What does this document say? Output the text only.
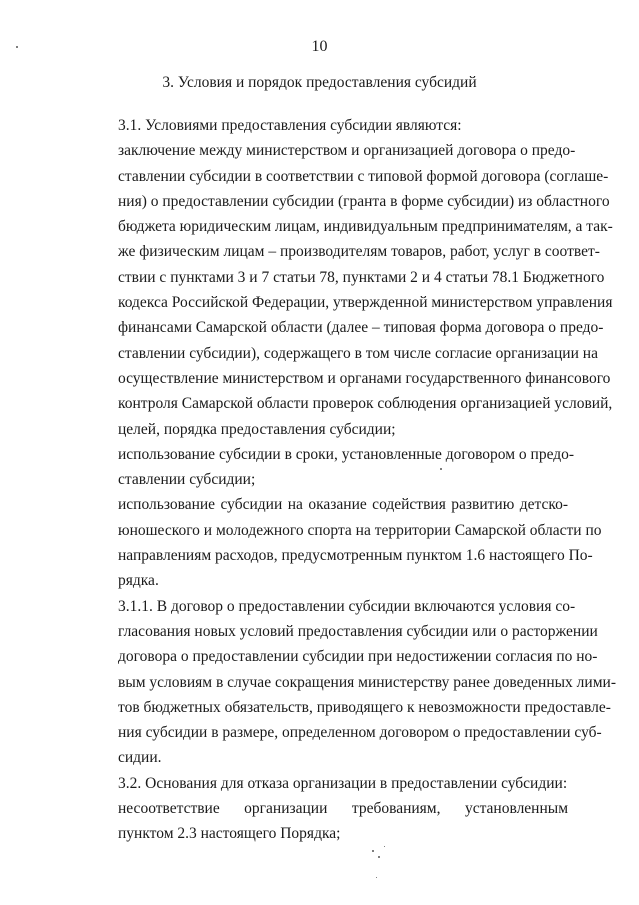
10
3. Условия и порядок предоставления субсидий
3.1. Условиями предоставления субсидии являются:
заключение между министерством и организацией договора о предо-
ставлении субсидии в соответствии с типовой формой договора (соглаше-
ния) о предоставлении субсидии (гранта в форме субсидии) из областного
бюджета юридическим лицам, индивидуальным предпринимателям, а так-
же физическим лицам – производителям товаров, работ, услуг в соответ-
ствии с пунктами 3 и 7 статьи 78, пунктами 2 и 4 статьи 78.1 Бюджетного
кодекса Российской Федерации, утвержденной министерством управления
финансами Самарской области (далее – типовая форма договора о предо-
ставлении субсидии), содержащего в том числе согласие организации на
осуществление министерством и органами государственного финансового
контроля Самарской области проверок соблюдения организацией условий,
целей, порядка предоставления субсидии;
использование субсидии в сроки, установленные договором о предо-
ставлении субсидии;
использование субсидии на оказание содействия развитию детско-
юношеского и молодежного спорта на территории Самарской области по
направлениям расходов, предусмотренным пунктом 1.6 настоящего По-
рядка.
3.1.1. В договор о предоставлении субсидии включаются условия со-
гласования новых условий предоставления субсидии или о расторжении
договора о предоставлении субсидии при недостижении согласия по но-
вым условиям в случае сокращения министерству ранее доведенных лими-
тов бюджетных обязательств, приводящего к невозможности предоставле-
ния субсидии в размере, определенном договором о предоставлении суб-
сидии.
3.2. Основания для отказа организации в предоставлении субсидии:
несоответствие организации требованиям, установленным
пунктом 2.3 настоящего Порядка;
